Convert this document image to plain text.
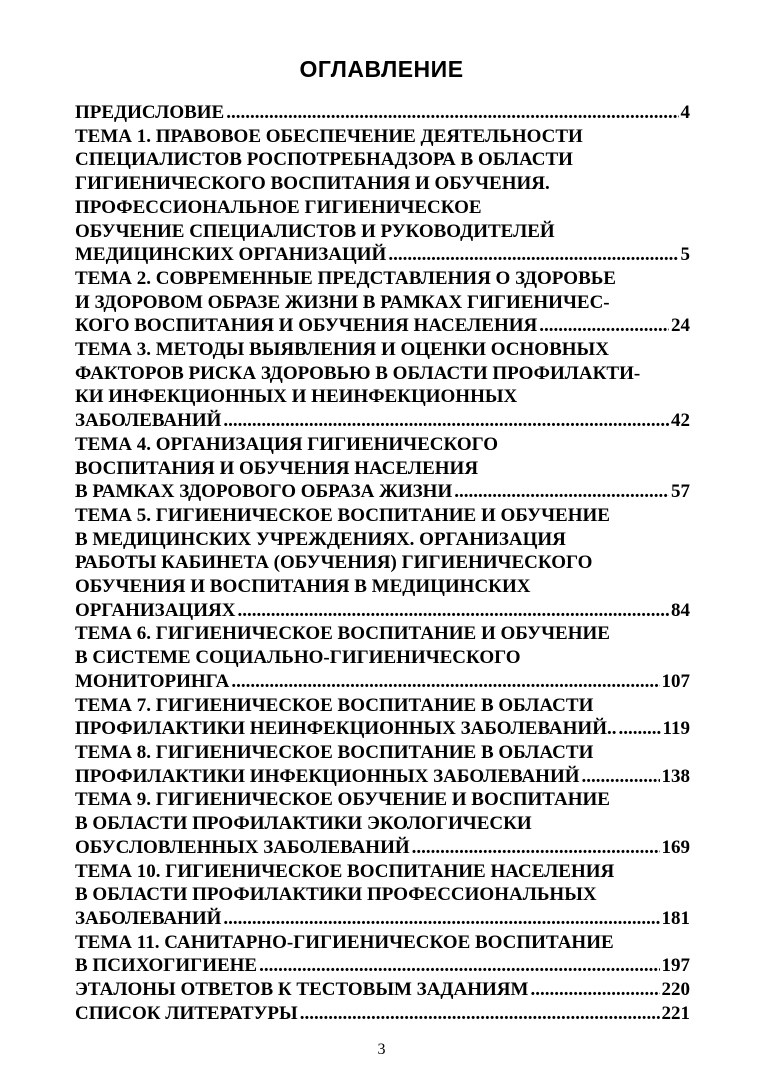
ОГЛАВЛЕНИЕ
ПРЕДИСЛОВИЕ .....	4
ТЕМА 1. ПРАВОВОЕ ОБЕСПЕЧЕНИЕ ДЕЯТЕЛЬНОСТИ
СПЕЦИАЛИСТОВ РОСПОТРЕБНАДЗОРА В ОБЛАСТИ
ГИГИЕНИЧЕСКОГО ВОСПИТАНИЯ И ОБУЧЕНИЯ.
ПРОФЕССИОНАЛЬНОЕ ГИГИЕНИЧЕСКОЕ
ОБУЧЕНИЕ СПЕЦИАЛИСТОВ И РУКОВОДИТЕЛЕЙ
МЕДИЦИНСКИХ ОРГАНИЗАЦИЙ .....	5
ТЕМА 2. СОВРЕМЕННЫЕ ПРЕДСТАВЛЕНИЯ О ЗДОРОВЬЕ
И ЗДОРОВОМ ОБРАЗЕ ЖИЗНИ В РАМКАХ ГИГИЕНИЧЕС-
КОГО ВОСПИТАНИЯ И ОБУЧЕНИЯ НАСЕЛЕНИЯ .....	24
ТЕМА 3. МЕТОДЫ ВЫЯВЛЕНИЯ И ОЦЕНКИ ОСНОВНЫХ
ФАКТОРОВ РИСКА ЗДОРОВЬЮ В ОБЛАСТИ ПРОФИЛАКТИ-
КИ ИНФЕКЦИОННЫХ И НЕИНФЕКЦИОННЫХ
ЗАБОЛЕВАНИЙ .....	42
ТЕМА 4. ОРГАНИЗАЦИЯ ГИГИЕНИЧЕСКОГО
ВОСПИТАНИЯ И ОБУЧЕНИЯ НАСЕЛЕНИЯ
В РАМКАХ ЗДОРОВОГО ОБРАЗА ЖИЗНИ .....	57
ТЕМА 5. ГИГИЕНИЧЕСКОЕ ВОСПИТАНИЕ И ОБУЧЕНИЕ
В МЕДИЦИНСКИХ УЧРЕЖДЕНИЯХ. ОРГАНИЗАЦИЯ
РАБОТЫ КАБИНЕТА (ОБУЧЕНИЯ) ГИГИЕНИЧЕСКОГО
ОБУЧЕНИЯ И ВОСПИТАНИЯ В МЕДИЦИНСКИХ
ОРГАНИЗАЦИЯХ .....	84
ТЕМА 6. ГИГИЕНИЧЕСКОЕ ВОСПИТАНИЕ И ОБУЧЕНИЕ
В СИСТЕМЕ СОЦИАЛЬНО-ГИГИЕНИЧЕСКОГО
МОНИТОРИНГА .....	107
ТЕМА 7. ГИГИЕНИЧЕСКОЕ ВОСПИТАНИЕ В ОБЛАСТИ
ПРОФИЛАКТИКИ НЕИНФЕКЦИОННЫХ ЗАБОЛЕВАНИЙ.. ..... 119
ТЕМА 8. ГИГИЕНИЧЕСКОЕ ВОСПИТАНИЕ В ОБЛАСТИ
ПРОФИЛАКТИКИ ИНФЕКЦИОННЫХ ЗАБОЛЕВАНИЙ .....	138
ТЕМА 9. ГИГИЕНИЧЕСКОЕ ОБУЧЕНИЕ И ВОСПИТАНИЕ
В ОБЛАСТИ ПРОФИЛАКТИКИ ЭКОЛОГИЧЕСКИ
ОБУСЛОВЛЕННЫХ ЗАБОЛЕВАНИЙ .....	169
ТЕМА 10. ГИГИЕНИЧЕСКОЕ ВОСПИТАНИЕ НАСЕЛЕНИЯ
В ОБЛАСТИ ПРОФИЛАКТИКИ ПРОФЕССИОНАЛЬНЫХ
ЗАБОЛЕВАНИЙ .....	181
ТЕМА 11. САНИТАРНО-ГИГИЕНИЧЕСКОЕ ВОСПИТАНИЕ
В ПСИХОГИГИЕНЕ .....	197
ЭТАЛОНЫ ОТВЕТОВ К ТЕСТОВЫМ ЗАДАНИЯМ .....	220
СПИСОК ЛИТЕРАТУРЫ .....	221
3
